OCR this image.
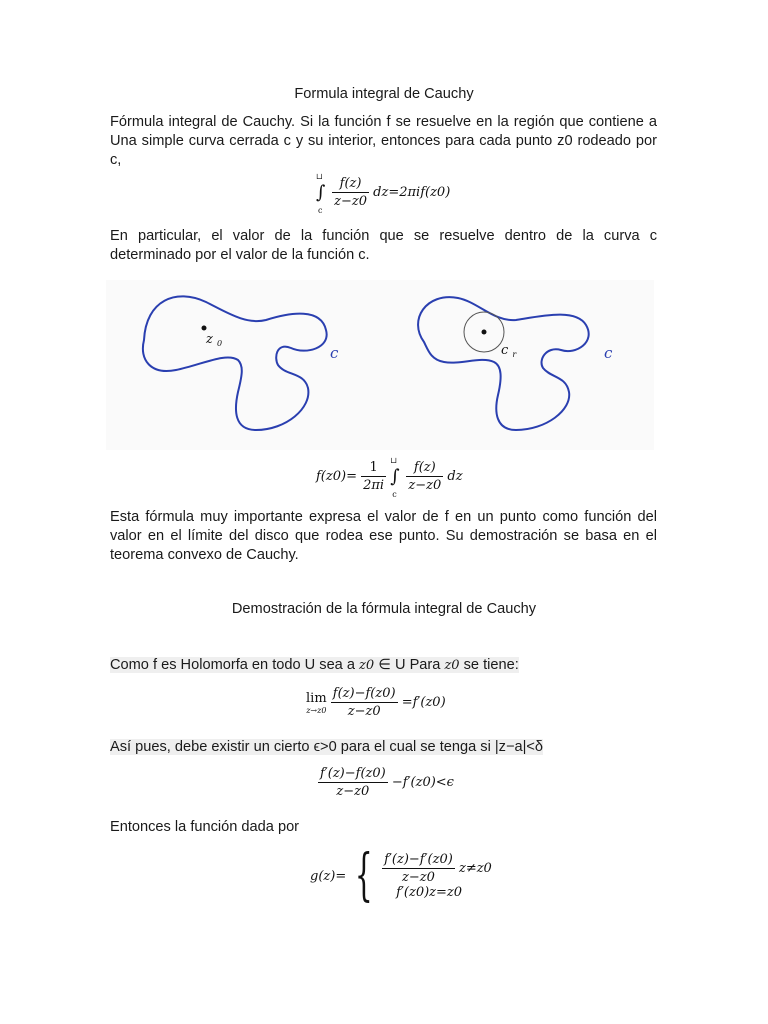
Formula integral de Cauchy
Fórmula integral de Cauchy. Si la función f se resuelve en la región que contiene a Una simple curva cerrada c y su interior, entonces para cada punto z0 rodeado por c,
∫
⊔
c

$\frac{f(z)}{z-z0} dz=2\pi if(z0)$
En particular, el valor de la función que se resuelve dentro de la curva c determinado por el valor de la función c.
z $_0$
c	c $_r$	c
$f(z0)= \frac{1}{2\pi i}$ ∫
⊔
c

$\frac{f(z)}{z-z0}$ dz
Esta fórmula muy importante expresa el valor de f en un punto como función del valor en el límite del disco que rodea ese punto. Su demostración se basa en el teorema convexo de Cauchy.
Demostración de la fórmula integral de Cauchy
Como f es Holomorfa en todo U sea a z0 ∈ U Para z0 se tiene:
lim
z→z0
$\frac{f(z)-f(z0)}{z-z0} =f'(z0)$
Así pues, debe existir un cierto ϵ>0 para el cual se tenga si |z−a|<δ
$\frac{f'(z)-f(z0)}{z-z0} -f'(z0)<\epsilon$
Entonces la función dada por
g(z)= { $\frac{f'(z)-f'(z0)}{z-z0} z\ne z0$
f′(z0)z=z0
